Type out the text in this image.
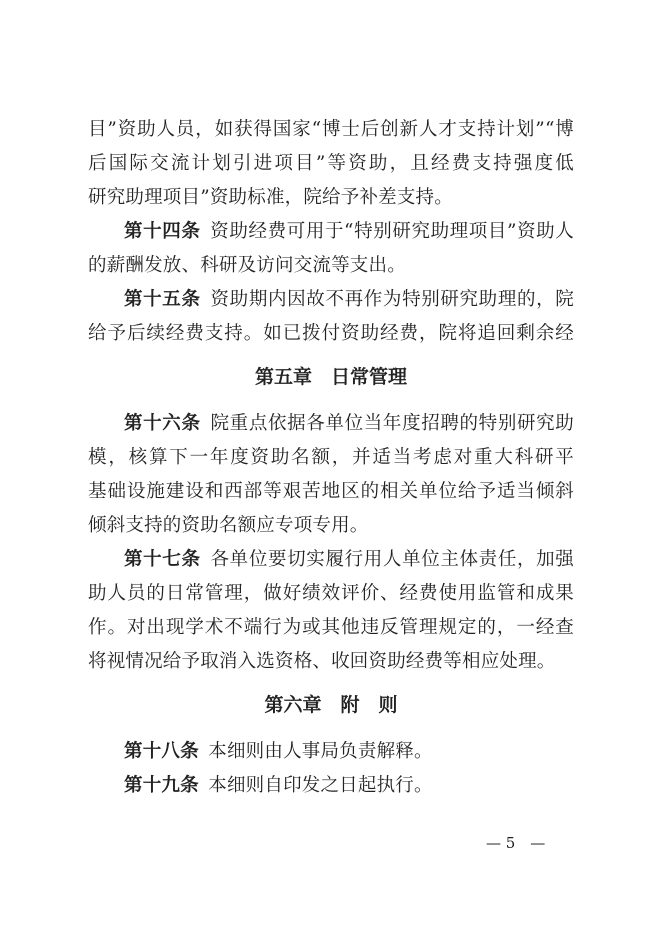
目”资助人员，如获得国家“博士后创新人才支持计划”“博
后国际交流计划引进项目”等资助，且经费支持强度低
研究助理项目”资助标准，院给予补差支持。
第十四条  资助经费可用于“特别研究助理项目”资助人
的薪酬发放、科研及访问交流等支出。
第十五条  资助期内因故不再作为特别研究助理的，院
给予后续经费支持。如已拨付资助经费，院将追回剩余经
第五章　日常管理
第十六条  院重点依据各单位当年度招聘的特别研究助
模，核算下一年度资助名额，并适当考虑对重大科研平
基础设施建设和西部等艰苦地区的相关单位给予适当倾斜
倾斜支持的资助名额应专项专用。
第十七条  各单位要切实履行用人单位主体责任，加强
助人员的日常管理，做好绩效评价、经费使用监管和成果
作。对出现学术不端行为或其他违反管理规定的，一经查
将视情况给予取消入选资格、收回资助经费等相应处理。
第六章　附　则
第十八条  本细则由人事局负责解释。
第十九条  本细则自印发之日起执行。
— 5　—
